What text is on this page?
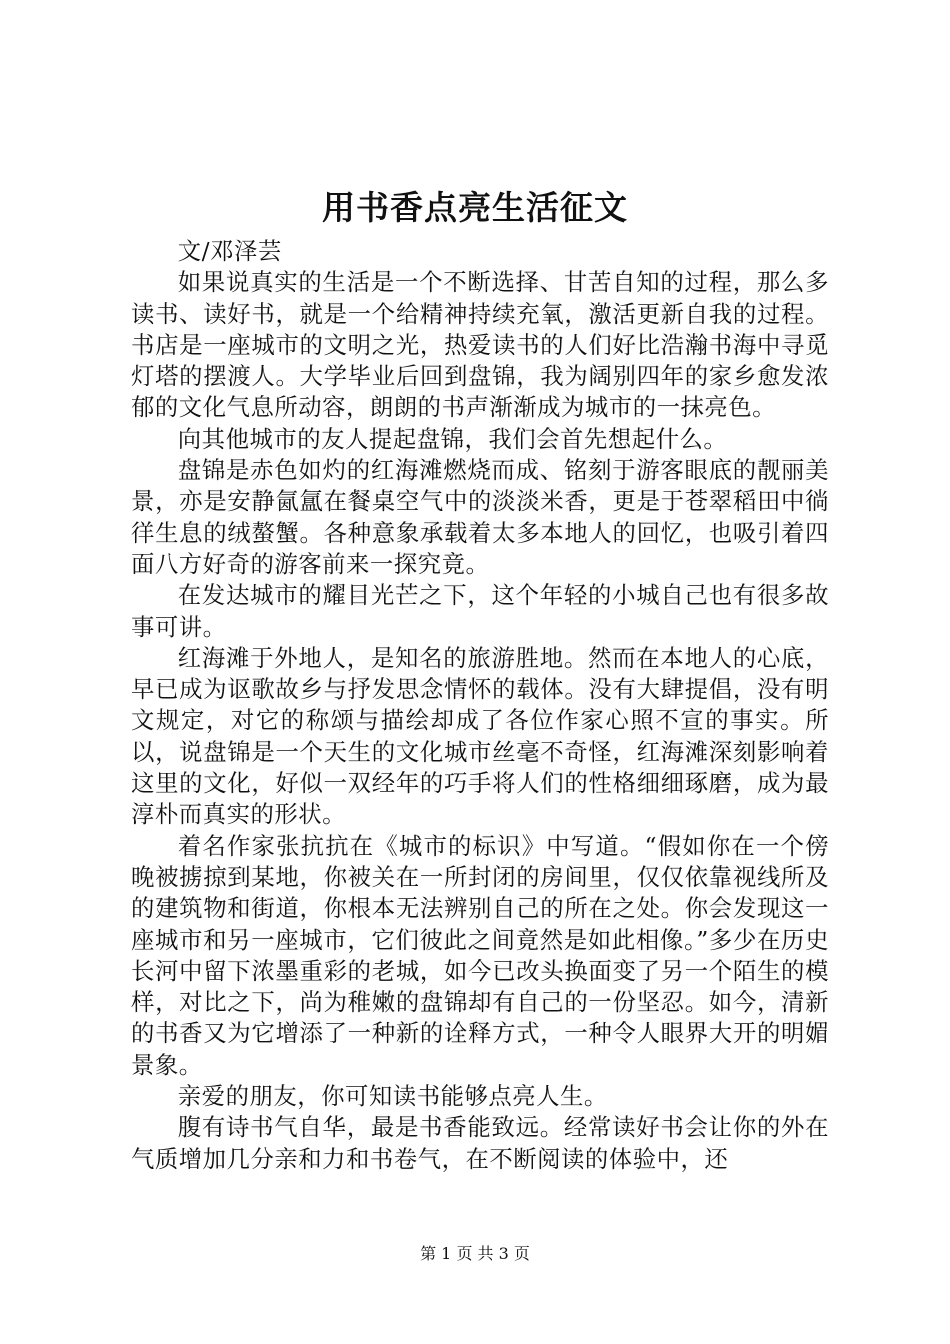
用书香点亮生活征文

文/邓泽芸

如果说真实的生活是一个不断选择、甘苦自知的过程，那么多读书、读好书，就是一个给精神持续充氧，激活更新自我的过程。书店是一座城市的文明之光，热爱读书的人们好比浩瀚书海中寻觅灯塔的摆渡人。大学毕业后回到盘锦，我为阔别四年的家乡愈发浓郁的文化气息所动容，朗朗的书声渐渐成为城市的一抹亮色。

向其他城市的友人提起盘锦，我们会首先想起什么。

盘锦是赤色如灼的红海滩燃烧而成、铭刻于游客眼底的靓丽美景，亦是安静氤氲在餐桌空气中的淡淡米香，更是于苍翠稻田中徜徉生息的绒螯蟹。各种意象承载着太多本地人的回忆，也吸引着四面八方好奇的游客前来一探究竟。

在发达城市的耀目光芒之下，这个年轻的小城自己也有很多故事可讲。

红海滩于外地人，是知名的旅游胜地。然而在本地人的心底，早已成为讴歌故乡与抒发思念情怀的载体。没有大肆提倡，没有明文规定，对它的称颂与描绘却成了各位作家心照不宣的事实。所以，说盘锦是一个天生的文化城市丝毫不奇怪，红海滩深刻影响着这里的文化，好似一双经年的巧手将人们的性格细细琢磨，成为最淳朴而真实的形状。

着名作家张抗抗在《城市的标识》中写道。“假如你在一个傍晚被掳掠到某地，你被关在一所封闭的房间里，仅仅依靠视线所及的建筑物和街道，你根本无法辨别自己的所在之处。你会发现这一座城市和另一座城市，它们彼此之间竟然是如此相像。”多少在历史长河中留下浓墨重彩的老城，如今已改头换面变了另一个陌生的模样，对比之下，尚为稚嫩的盘锦却有自己的一份坚忍。如今，清新的书香又为它增添了一种新的诠释方式，一种令人眼界大开的明媚景象。

亲爱的朋友，你可知读书能够点亮人生。

腹有诗书气自华，最是书香能致远。经常读好书会让你的外在气质增加几分亲和力和书卷气，在不断阅读的体验中，还

第 1 页 共 3 页
